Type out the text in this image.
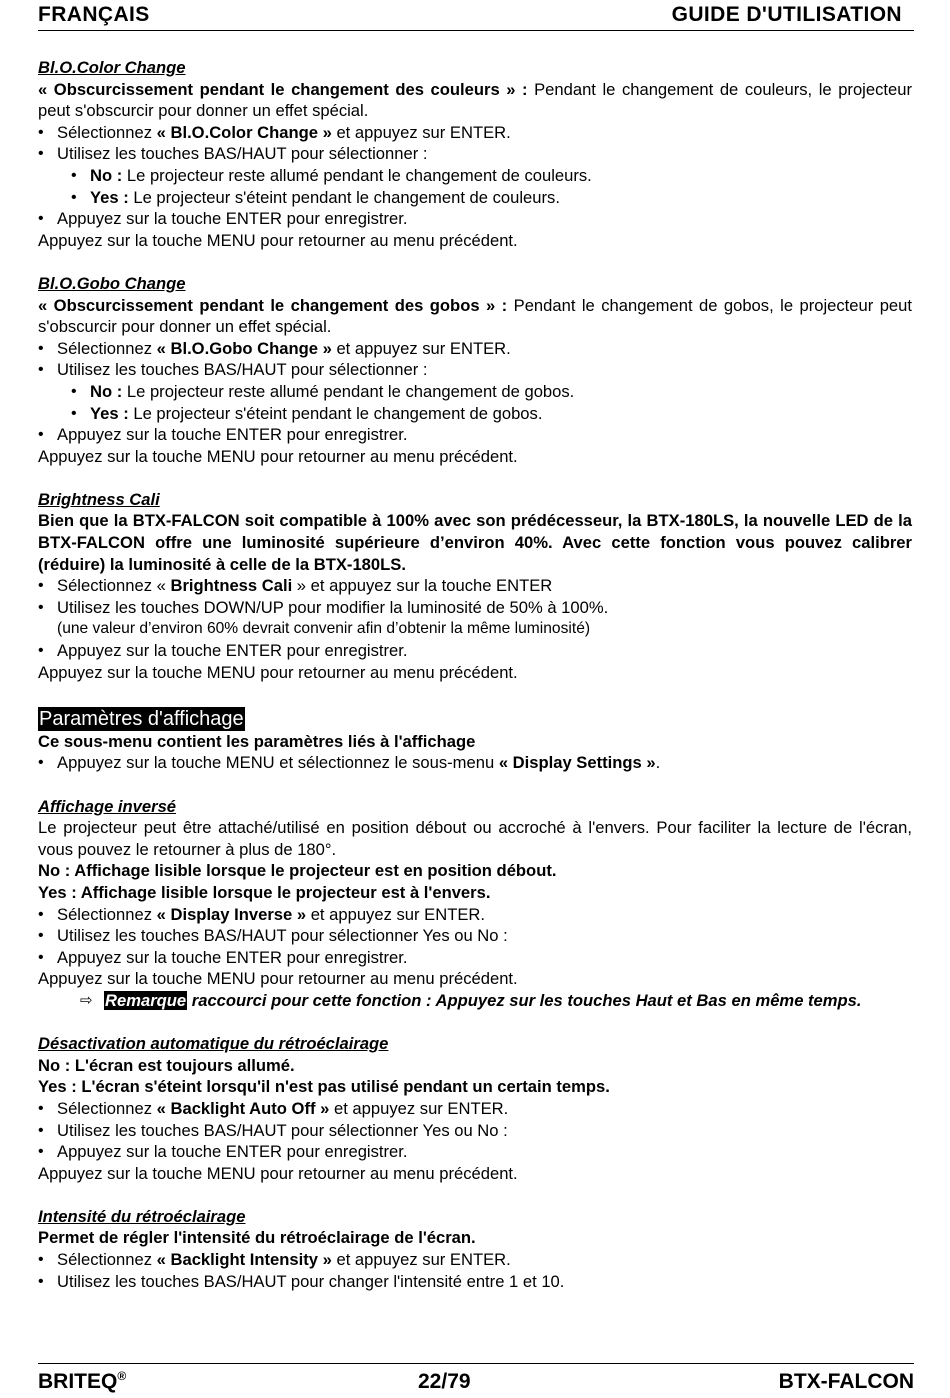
FRANÇAIS	GUIDE D'UTILISATION

Bl.O.Color Change

« Obscurcissement pendant le changement des couleurs » : Pendant le changement de couleurs, le projecteur peut s'obscurcir pour donner un effet spécial.

• Sélectionnez « Bl.O.Color Change » et appuyez sur ENTER.
• Utilisez les touches BAS/HAUT pour sélectionner :
• No : Le projecteur reste allumé pendant le changement de couleurs.
• Yes : Le projecteur s'éteint pendant le changement de couleurs.
• Appuyez sur la touche ENTER pour enregistrer.

Appuyez sur la touche MENU pour retourner au menu précédent.

Bl.O.Gobo Change

« Obscurcissement pendant le changement des gobos » : Pendant le changement de gobos, le projecteur peut s'obscurcir pour donner un effet spécial.

• Sélectionnez « Bl.O.Gobo Change » et appuyez sur ENTER.
• Utilisez les touches BAS/HAUT pour sélectionner :
• No : Le projecteur reste allumé pendant le changement de gobos.
• Yes : Le projecteur s'éteint pendant le changement de gobos.
• Appuyez sur la touche ENTER pour enregistrer.

Appuyez sur la touche MENU pour retourner au menu précédent.

Brightness Cali

Bien que la BTX-FALCON soit compatible à 100% avec son prédécesseur, la BTX-180LS, la nouvelle LED de la BTX-FALCON offre une luminosité supérieure d’environ 40%. Avec cette fonction vous pouvez calibrer (réduire) la luminosité à celle de la BTX-180LS.

• Sélectionnez « Brightness Cali » et appuyez sur la touche ENTER
• Utilisez les touches DOWN/UP pour modifier la luminosité de 50% à 100%.

(une valeur d’environ 60% devrait convenir afin d’obtenir la même luminosité)

• Appuyez sur la touche ENTER pour enregistrer.

Appuyez sur la touche MENU pour retourner au menu précédent.

Paramètres d'affichage

Ce sous-menu contient les paramètres liés à l'affichage

• Appuyez sur la touche MENU et sélectionnez le sous-menu « Display Settings ».

Affichage inversé

Le projecteur peut être attaché/utilisé en position débout ou accroché à l'envers. Pour faciliter la lecture de l'écran, vous pouvez le retourner à plus de 180°.

No : Affichage lisible lorsque le projecteur est en position débout.

Yes : Affichage lisible lorsque le projecteur est à l'envers.

• Sélectionnez « Display Inverse » et appuyez sur ENTER.
• Utilisez les touches BAS/HAUT pour sélectionner Yes ou No :
• Appuyez sur la touche ENTER pour enregistrer.

Appuyez sur la touche MENU pour retourner au menu précédent.

⇨ Remarque raccourci pour cette fonction : Appuyez sur les touches Haut et Bas en même temps.

Désactivation automatique du rétroéclairage

No : L'écran est toujours allumé.

Yes : L'écran s'éteint lorsqu'il n'est pas utilisé pendant un certain temps.

• Sélectionnez « Backlight Auto Off » et appuyez sur ENTER.
• Utilisez les touches BAS/HAUT pour sélectionner Yes ou No :
• Appuyez sur la touche ENTER pour enregistrer.

Appuyez sur la touche MENU pour retourner au menu précédent.

Intensité du rétroéclairage

Permet de régler l'intensité du rétroéclairage de l'écran.

• Sélectionnez « Backlight Intensity » et appuyez sur ENTER.
• Utilisez les touches BAS/HAUT pour changer l'intensité entre 1 et 10.
BRITEQ®	22/79	BTX-FALCON
